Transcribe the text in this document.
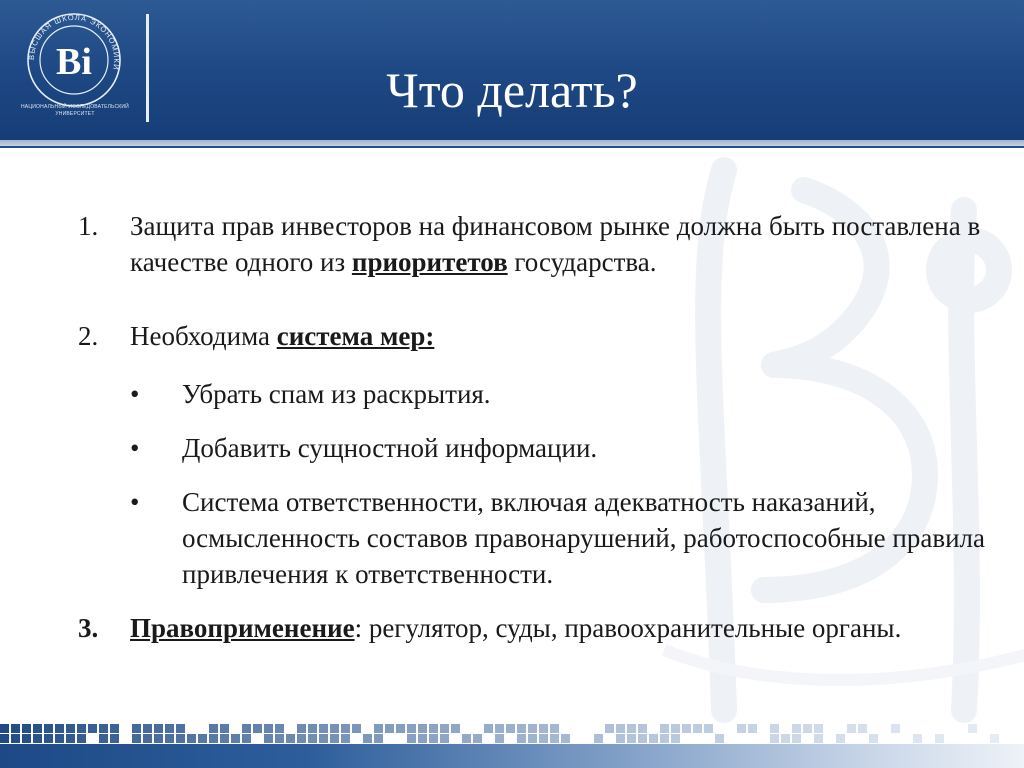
ВЫСШАЯ ШКОЛА ЭКОНОМИКИ
Ві
НАЦИОНАЛЬНЫЙ ИССЛЕДОВАТЕЛЬСКИЙ УНИВЕРСИТЕТ	Что делать?
1. Защита прав инвесторов на финансовом рынке должна быть поставлена в качестве одного из приоритетов государства.
2. Необходима система мер:
• Убрать спам из раскрытия.
• Добавить сущностной информации.
• Система ответственности, включая адекватность наказаний, осмысленность составов правонарушений, работоспособные правила привлечения к ответственности.
3. Правоприменение: регулятор, суды, правоохранительные органы.
